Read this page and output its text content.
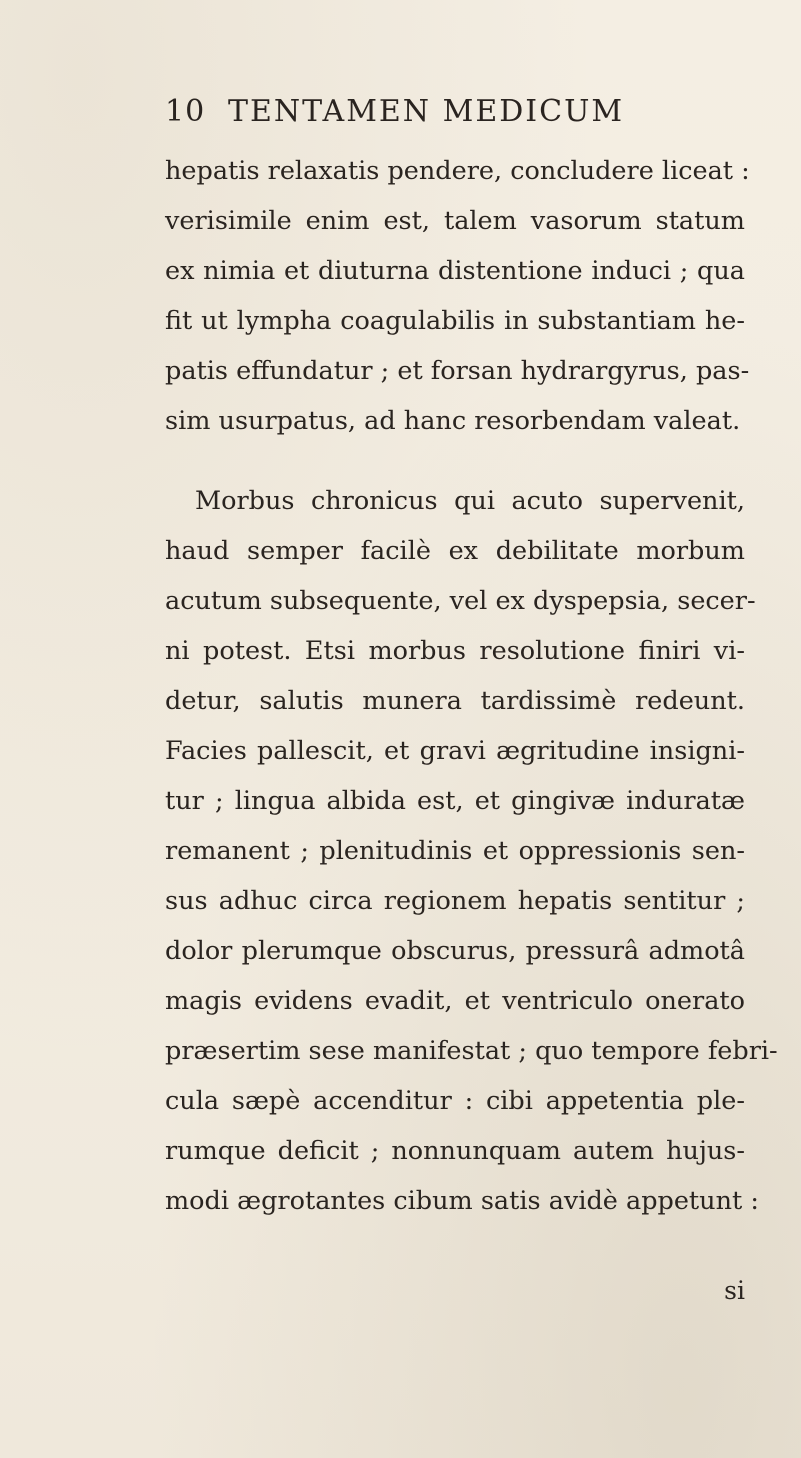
10 TENTAMEN MEDICUM
hepatis relaxatis pendere, concludere liceat :
verisimile enim est, talem vasorum statum
ex nimia et diuturna distentione induci ; qua
fit ut lympha coagulabilis in substantiam he-
patis effundatur ; et forsan hydrargyrus, pas-
sim usurpatus, ad hanc resorbendam valeat.
Morbus chronicus qui acuto supervenit,
haud semper facilè ex debilitate morbum
acutum subsequente, vel ex dyspepsia, secer-
ni potest. Etsi morbus resolutione finiri vi-
detur, salutis munera tardissimè redeunt.
Facies pallescit, et gravi ægritudine insigni-
tur ; lingua albida est, et gingivæ induratæ
remanent ; plenitudinis et oppressionis sen-
sus adhuc circa regionem hepatis sentitur ;
dolor plerumque obscurus, pressurâ admotâ
magis evidens evadit, et ventriculo onerato
præsertim sese manifestat ; quo tempore febri-
cula sæpè accenditur : cibi appetentia ple-
rumque deficit ; nonnunquam autem hujus-
modi ægrotantes cibum satis avidè appetunt :
si
